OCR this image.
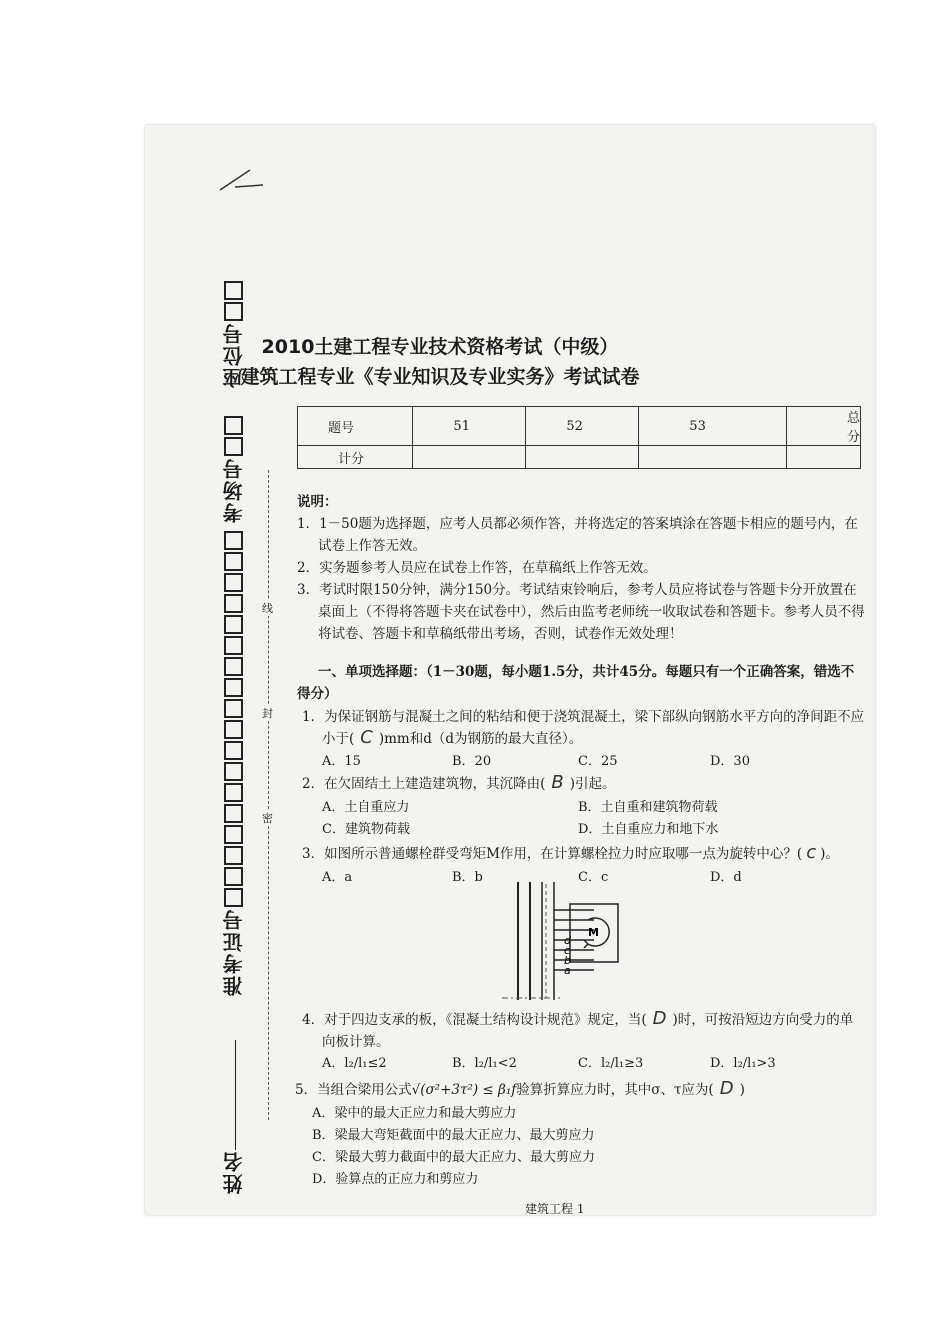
座位号
考场号
准考证号
姓名
线
封
密
2010土建工程专业技术资格考试（中级）
建筑工程专业《专业知识及专业实务》考试试卷
题号	51	52	53	总分
计分				
说明：
1．1－50题为选择题，应考人员都必须作答，并将选定的答案填涂在答题卡相应的题号内，在
试卷上作答无效。
2．实务题参考人员应在试卷上作答，在草稿纸上作答无效。
3．考试时限150分钟，满分150分。考试结束铃响后，参考人员应将试卷与答题卡分开放置在
桌面上（不得将答题卡夹在试卷中），然后由监考老师统一收取试卷和答题卡。参考人员不得
将试卷、答题卡和草稿纸带出考场，否则，试卷作无效处理！
一、单项选择题：（1－30题，每小题1.5分，共计45分。每题只有一个正确答案，错选不
得分）
1．为保证钢筋与混凝土之间的粘结和便于浇筑混凝土，梁下部纵向钢筋水平方向的净间距不应
小于( C )mm和d（d为钢筋的最大直径）。
A．15	B．20	C．25	D．30
2．在欠固结土上建造建筑物，其沉降由( B )引起。
A．土自重应力	B．土自重和建筑物荷载
C．建筑物荷载	D．土自重应力和地下水
3．如图所示普通螺栓群受弯矩M作用，在计算螺栓拉力时应取哪一点为旋转中心？( c )。
A．a	B．b	C．c	D．d
d
c
b
a
M
4．对于四边支承的板，《混凝土结构设计规范》规定，当( D )时，可按沿短边方向受力的单
向板计算。
A．l₂/l₁≤2	B．l₂/l₁<2	C．l₂/l₁≥3	D．l₂/l₁>3
5．当组合梁用公式√(σ²+3τ²) ≤ β₁f验算折算应力时，其中σ、τ应为( D )
A．梁中的最大正应力和最大剪应力
B．梁最大弯矩截面中的最大正应力、最大剪应力
C．梁最大剪力截面中的最大正应力、最大剪应力
D．验算点的正应力和剪应力
建筑工程 1
